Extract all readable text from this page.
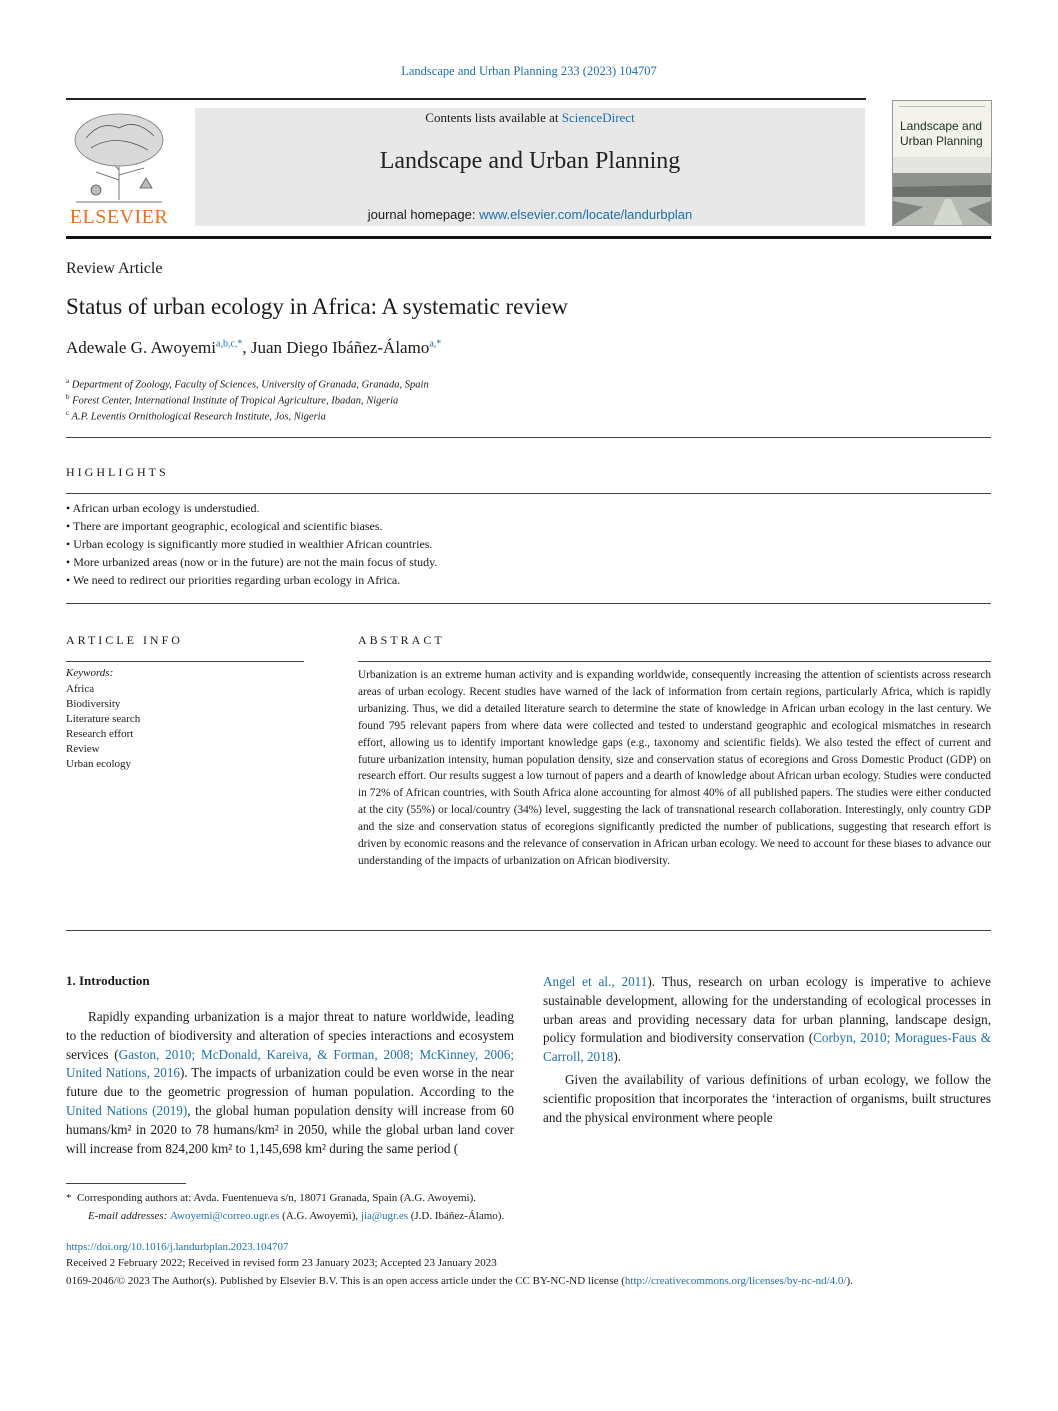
Landscape and Urban Planning 233 (2023) 104707
ELSEVIER
Contents lists available at ScienceDirect
Landscape and Urban Planning
journal homepage: www.elsevier.com/locate/landurbplan
Landscape and Urban Planning
Review Article
Status of urban ecology in Africa: A systematic review
Adewale G. Awoyemi$^{a,b,c,*}$, Juan Diego Ibáñez-Álamo$^{a,*}$
$^a$ Department of Zoology, Faculty of Sciences, University of Granada, Granada, Spain
$^b$ Forest Center, International Institute of Tropical Agriculture, Ibadan, Nigeria
$^c$ A.P. Leventis Ornithological Research Institute, Jos, Nigeria
HIGHLIGHTS
• African urban ecology is understudied.
• There are important geographic, ecological and scientific biases.
• Urban ecology is significantly more studied in wealthier African countries.
• More urbanized areas (now or in the future) are not the main focus of study.
• We need to redirect our priorities regarding urban ecology in Africa.
ARTICLE INFO
Keywords:
Africa
Biodiversity
Literature search
Research effort
Review
Urban ecology
ABSTRACT
Urbanization is an extreme human activity and is expanding worldwide, consequently increasing the attention of scientists across research areas of urban ecology. Recent studies have warned of the lack of information from certain regions, particularly Africa, which is rapidly urbanizing. Thus, we did a detailed literature search to determine the state of knowledge in African urban ecology in the last century. We found 795 relevant papers from where data were collected and tested to understand geographic and ecological mismatches in research effort, allowing us to identify important knowledge gaps (e.g., taxonomy and scientific fields). We also tested the effect of current and future urbanization intensity, human population density, size and conservation status of ecoregions and Gross Domestic Product (GDP) on research effort. Our results suggest a low turnout of papers and a dearth of knowledge about African urban ecology. Studies were conducted in 72% of African countries, with South Africa alone accounting for almost 40% of all published papers. The studies were either conducted at the city (55%) or local/country (34%) level, suggesting the lack of transnational research collaboration. Interestingly, only country GDP and the size and conservation status of ecoregions significantly predicted the number of publications, suggesting that research effort is driven by economic reasons and the relevance of conservation in African urban ecology. We need to account for these biases to advance our understanding of the impacts of urbanization on African biodiversity.
1. Introduction

Rapidly expanding urbanization is a major threat to nature worldwide, leading to the reduction of biodiversity and alteration of species interactions and ecosystem services (Gaston, 2010; McDonald, Kareiva, & Forman, 2008; McKinney, 2006; United Nations, 2016). The impacts of urbanization could be even worse in the near future due to the geometric progression of human population. According to the United Nations (2019), the global human population density will increase from 60 humans/km² in 2020 to 78 humans/km² in 2050, while the global urban land cover will increase from 824,200 km² to 1,145,698 km² during the same period (

Angel et al., 2011). Thus, research on urban ecology is imperative to achieve sustainable development, allowing for the understanding of ecological processes in urban areas and providing necessary data for urban planning, landscape design, policy formulation and biodiversity conservation (Corbyn, 2010; Moragues-Faus & Carroll, 2018).

Given the availability of various definitions of urban ecology, we follow the scientific proposition that incorporates the ‘interaction of organisms, built structures and the physical environment where people

* Corresponding authors at: Avda. Fuentenueva s/n, 18071 Granada, Spain (A.G. Awoyemi).
E-mail addresses: Awoyemi@correo.ugr.es (A.G. Awoyemi), jia@ugr.es (J.D. Ibáñez-Álamo).
https://doi.org/10.1016/j.landurbplan.2023.104707
Received 2 February 2022; Received in revised form 23 January 2023; Accepted 23 January 2023
0169-2046/© 2023 The Author(s). Published by Elsevier B.V. This is an open access article under the CC BY-NC-ND license (http://creativecommons.org/licenses/by-nc-nd/4.0/).
